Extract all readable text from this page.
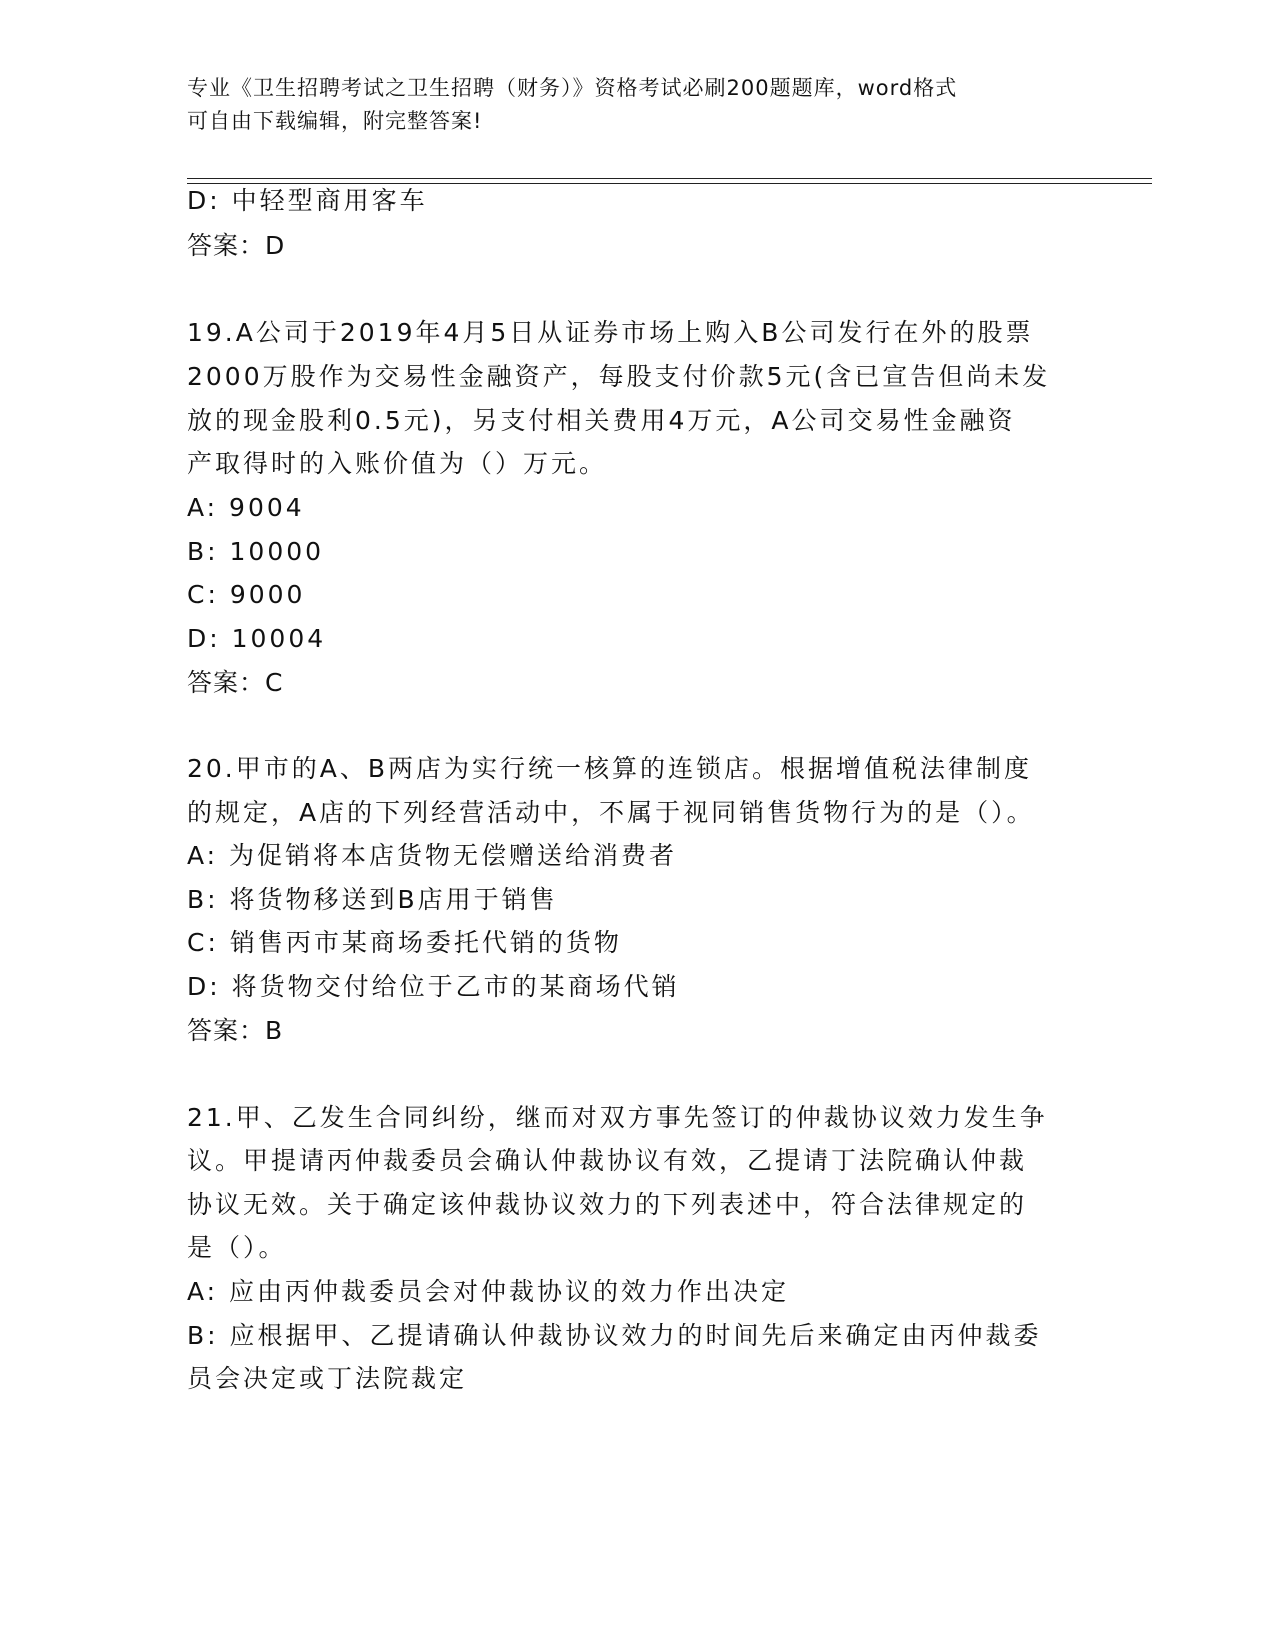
专业《卫生招聘考试之卫生招聘（财务）》资格考试必刷200题题库，word格式
可自由下载编辑，附完整答案!
D: 中轻型商用客车
答案：D
19.A公司于2019年4月5日从证券市场上购入B公司发行在外的股票
2000万股作为交易性金融资产，每股支付价款5元(含已宣告但尚未发
放的现金股利0.5元)，另支付相关费用4万元，A公司交易性金融资
产取得时的入账价值为（）万元。
A: 9004
B: 10000
C: 9000
D: 10004
答案：C
20.甲市的A、B两店为实行统一核算的连锁店。根据增值税法律制度
的规定，A店的下列经营活动中，不属于视同销售货物行为的是（）。
A: 为促销将本店货物无偿赠送给消费者
B: 将货物移送到B店用于销售
C: 销售丙市某商场委托代销的货物
D: 将货物交付给位于乙市的某商场代销
答案：B
21.甲、乙发生合同纠纷，继而对双方事先签订的仲裁协议效力发生争
议。甲提请丙仲裁委员会确认仲裁协议有效，乙提请丁法院确认仲裁
协议无效。关于确定该仲裁协议效力的下列表述中，符合法律规定的
是（）。
A: 应由丙仲裁委员会对仲裁协议的效力作出决定
B: 应根据甲、乙提请确认仲裁协议效力的时间先后来确定由丙仲裁委
员会决定或丁法院裁定
